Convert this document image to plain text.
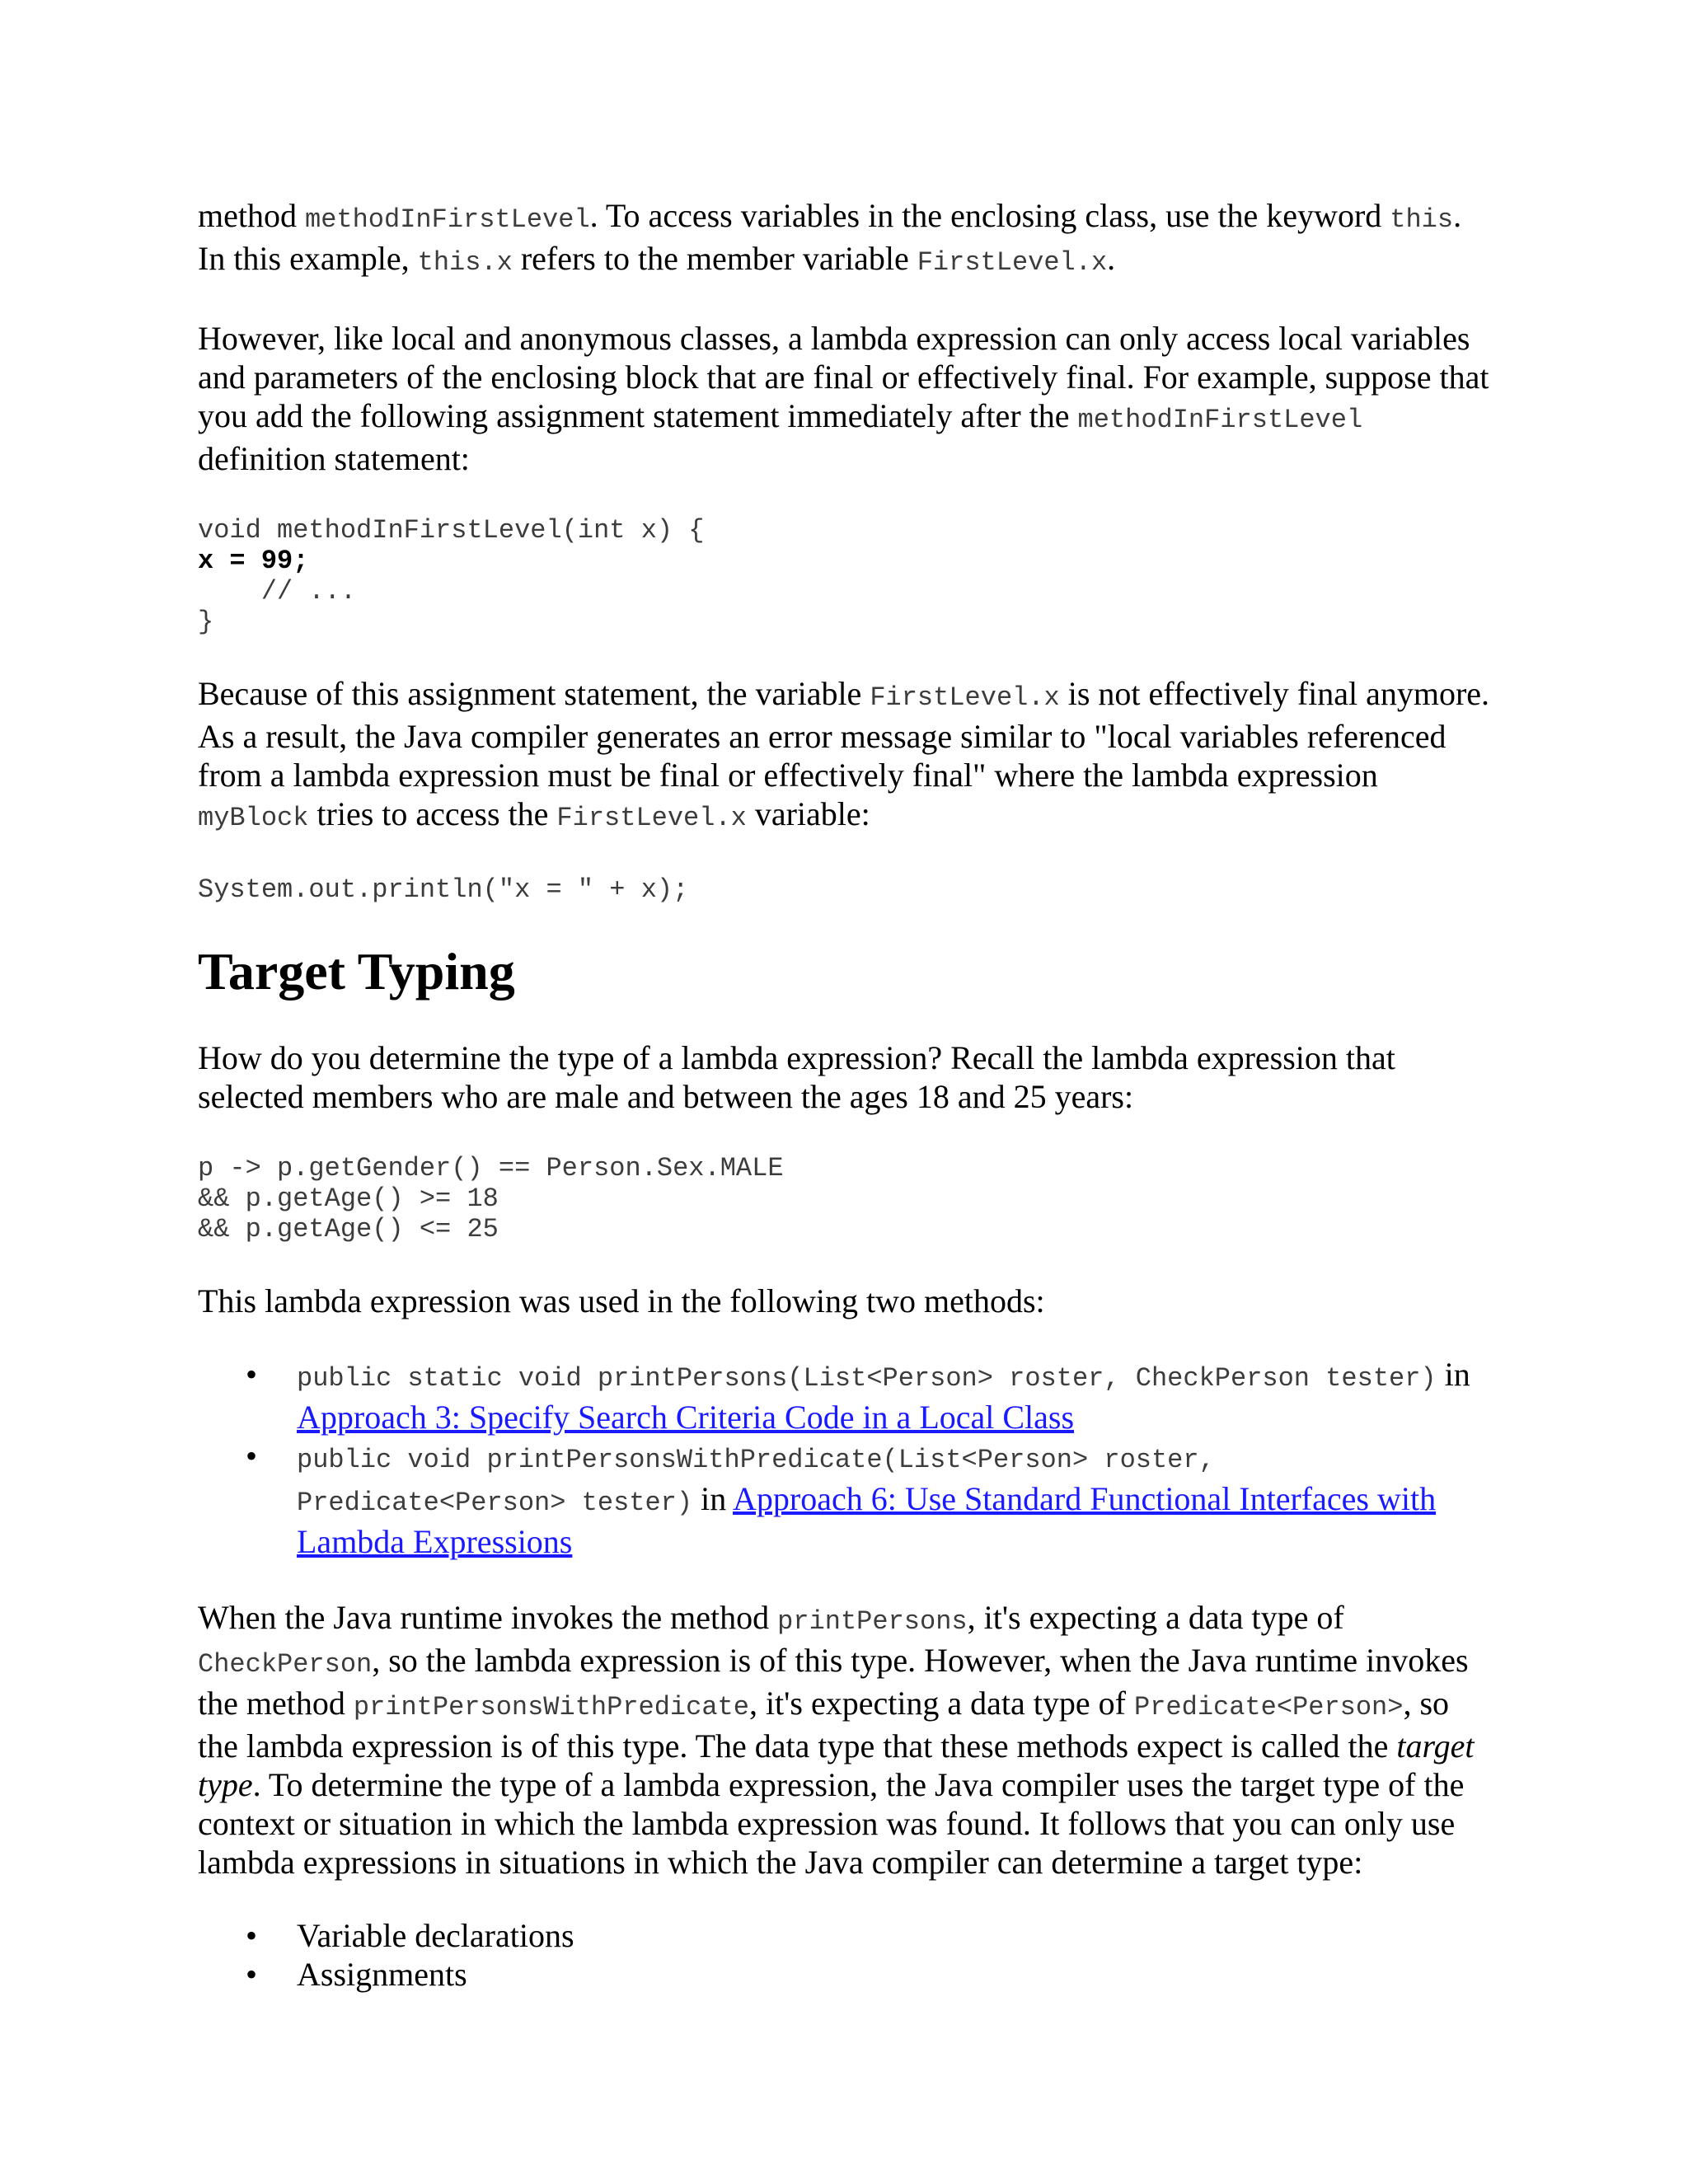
method methodInFirstLevel. To access variables in the enclosing class, use the keyword this. In this example, this.x refers to the member variable FirstLevel.x.

However, like local and anonymous classes, a lambda expression can only access local variables and parameters of the enclosing block that are final or effectively final. For example, suppose that you add the following assignment statement immediately after the methodInFirstLevel definition statement:

void methodInFirstLevel(int x) {
x = 99;
// ...
}

Because of this assignment statement, the variable FirstLevel.x is not effectively final anymore. As a result, the Java compiler generates an error message similar to "local variables referenced from a lambda expression must be final or effectively final" where the lambda expression myBlock tries to access the FirstLevel.x variable:

System.out.println("x = " + x);
Target Typing

How do you determine the type of a lambda expression? Recall the lambda expression that selected members who are male and between the ages 18 and 25 years:

p -> p.getGender() == Person.Sex.MALE
&& p.getAge() >= 18
&& p.getAge() <= 25

This lambda expression was used in the following two methods:

• public static void printPersons(List<Person> roster, CheckPerson tester) in Approach 3: Specify Search Criteria Code in a Local Class
• public void printPersonsWithPredicate(List<Person> roster, Predicate<Person> tester) in Approach 6: Use Standard Functional Interfaces with Lambda Expressions

When the Java runtime invokes the method printPersons, it's expecting a data type of CheckPerson, so the lambda expression is of this type. However, when the Java runtime invokes the method printPersonsWithPredicate, it's expecting a data type of Predicate<Person>, so the lambda expression is of this type. The data type that these methods expect is called the target type. To determine the type of a lambda expression, the Java compiler uses the target type of the context or situation in which the lambda expression was found. It follows that you can only use lambda expressions in situations in which the Java compiler can determine a target type:

• Variable declarations
• Assignments
